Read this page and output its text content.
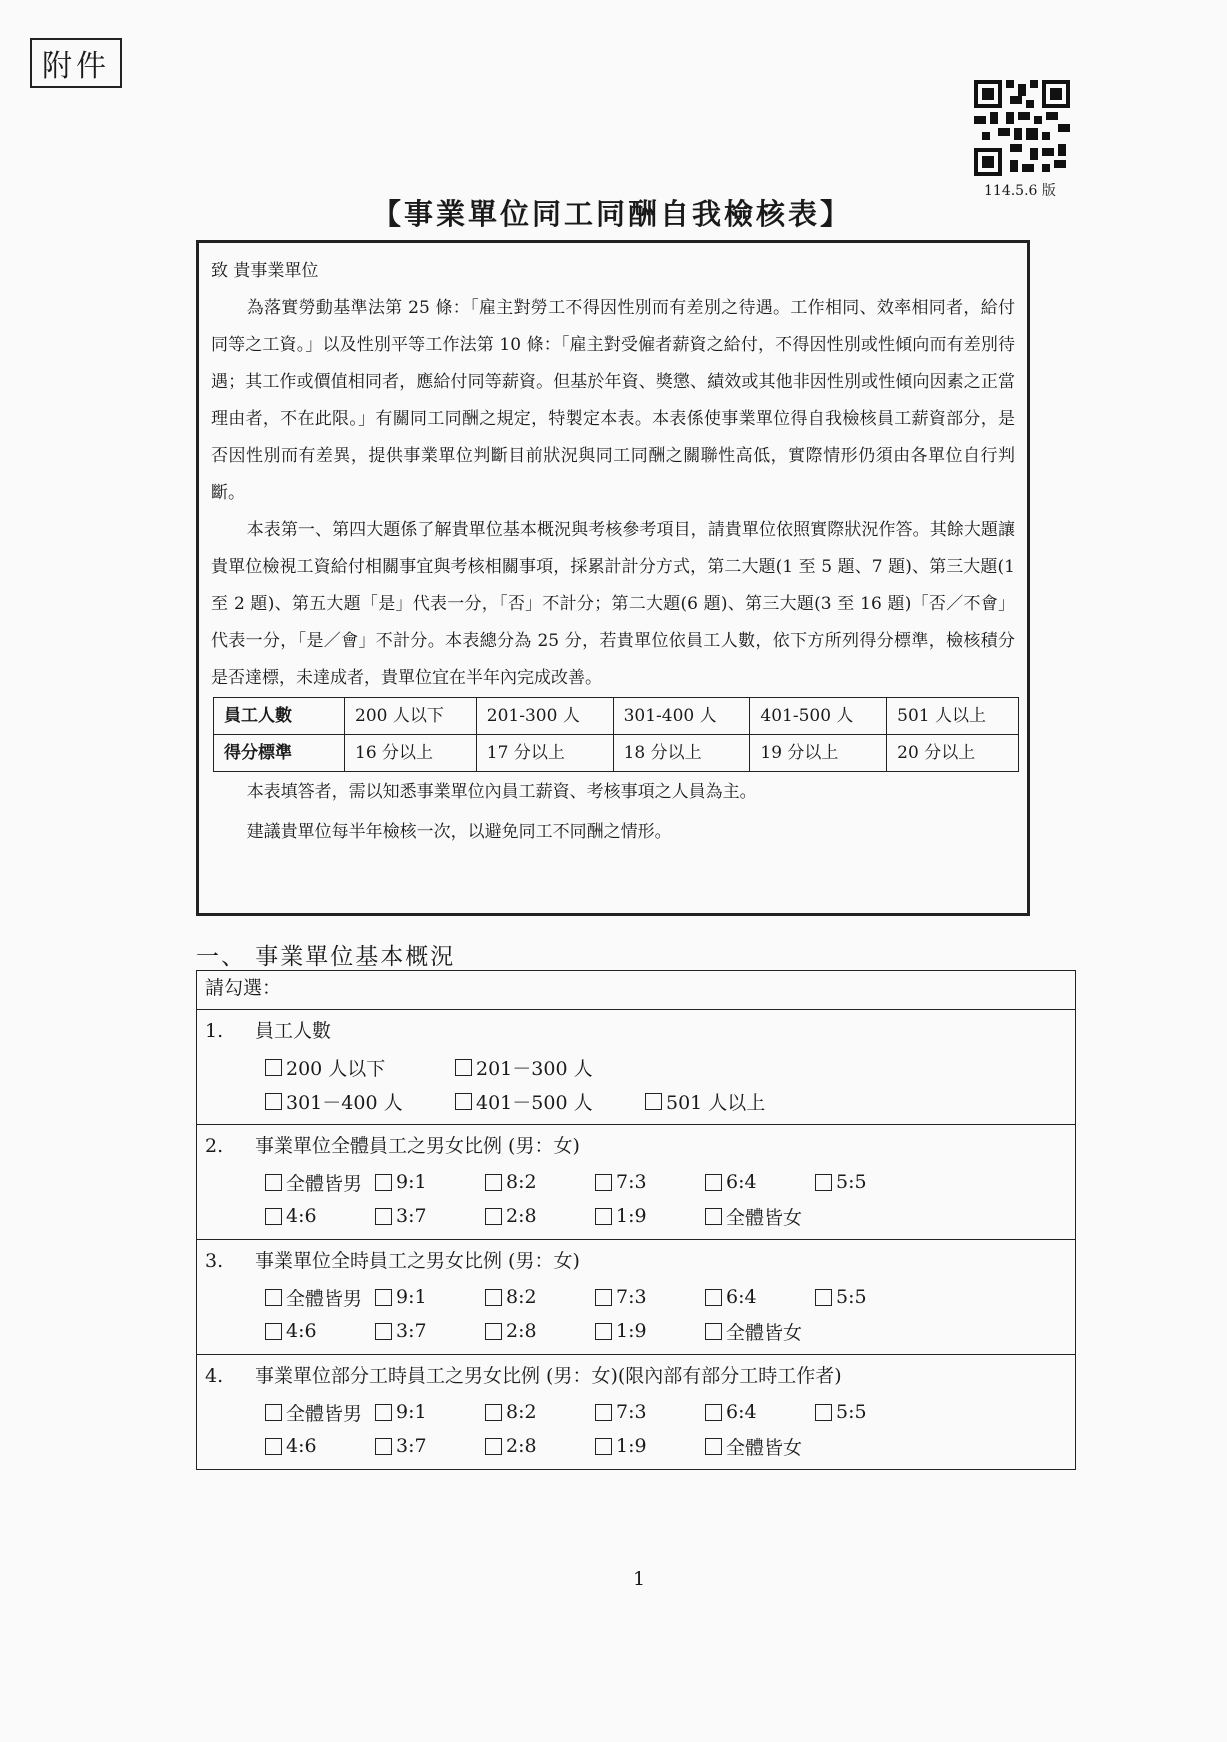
附件
114.5.6 版
【事業單位同工同酬自我檢核表】

致 貴事業單位

為落實勞動基準法第 25 條：「雇主對勞工不得因性別而有差別之待遇。工作相同、效率相同者，給付同等之工資。」以及性別平等工作法第 10 條：「雇主對受僱者薪資之給付，不得因性別或性傾向而有差別待遇；其工作或價值相同者，應給付同等薪資。但基於年資、獎懲、績效或其他非因性別或性傾向因素之正當理由者，不在此限。」有關同工同酬之規定，特製定本表。本表係使事業單位得自我檢核員工薪資部分，是否因性別而有差異，提供事業單位判斷目前狀況與同工同酬之關聯性高低，實際情形仍須由各單位自行判斷。

本表第一、第四大題係了解貴單位基本概況與考核參考項目，請貴單位依照實際狀況作答。其餘大題讓貴單位檢視工資給付相關事宜與考核相關事項，採累計計分方式，第二大題(1 至 5 題、7 題)、第三大題(1 至 2 題)、第五大題「是」代表一分，「否」不計分；第二大題(6 題)、第三大題(3 至 16 題)「否／不會」代表一分，「是／會」不計分。本表總分為 25 分，若貴單位依員工人數，依下方所列得分標準，檢核積分是否達標，未達成者，貴單位宜在半年內完成改善。

員工人數	200 人以下	201-300 人	301-400 人	401-500 人	501 人以上
得分標準	16 分以上	17 分以上	18 分以上	19 分以上	20 分以上

本表填答者，需以知悉事業單位內員工薪資、考核事項之人員為主。

建議貴單位每半年檢核一次，以避免同工不同酬之情形。

一、 事業單位基本概況
請勾選：

1.	員工人數
200 人以下	201－300 人
301－400 人	401－500 人	501 人以上

2.	事業單位全體員工之男女比例 (男：女)
全體皆男 9:1	8:2	7:3	6:4	5:5
4:6	3:7	2:8	1:9	全體皆女

3.	事業單位全時員工之男女比例 (男：女)
全體皆男 9:1	8:2	7:3	6:4	5:5
4:6	3:7	2:8	1:9	全體皆女

4.	事業單位部分工時員工之男女比例 (男：女)(限內部有部分工時工作者)
全體皆男 9:1	8:2	7:3	6:4	5:5
4:6	3:7	2:8	1:9	全體皆女
1
